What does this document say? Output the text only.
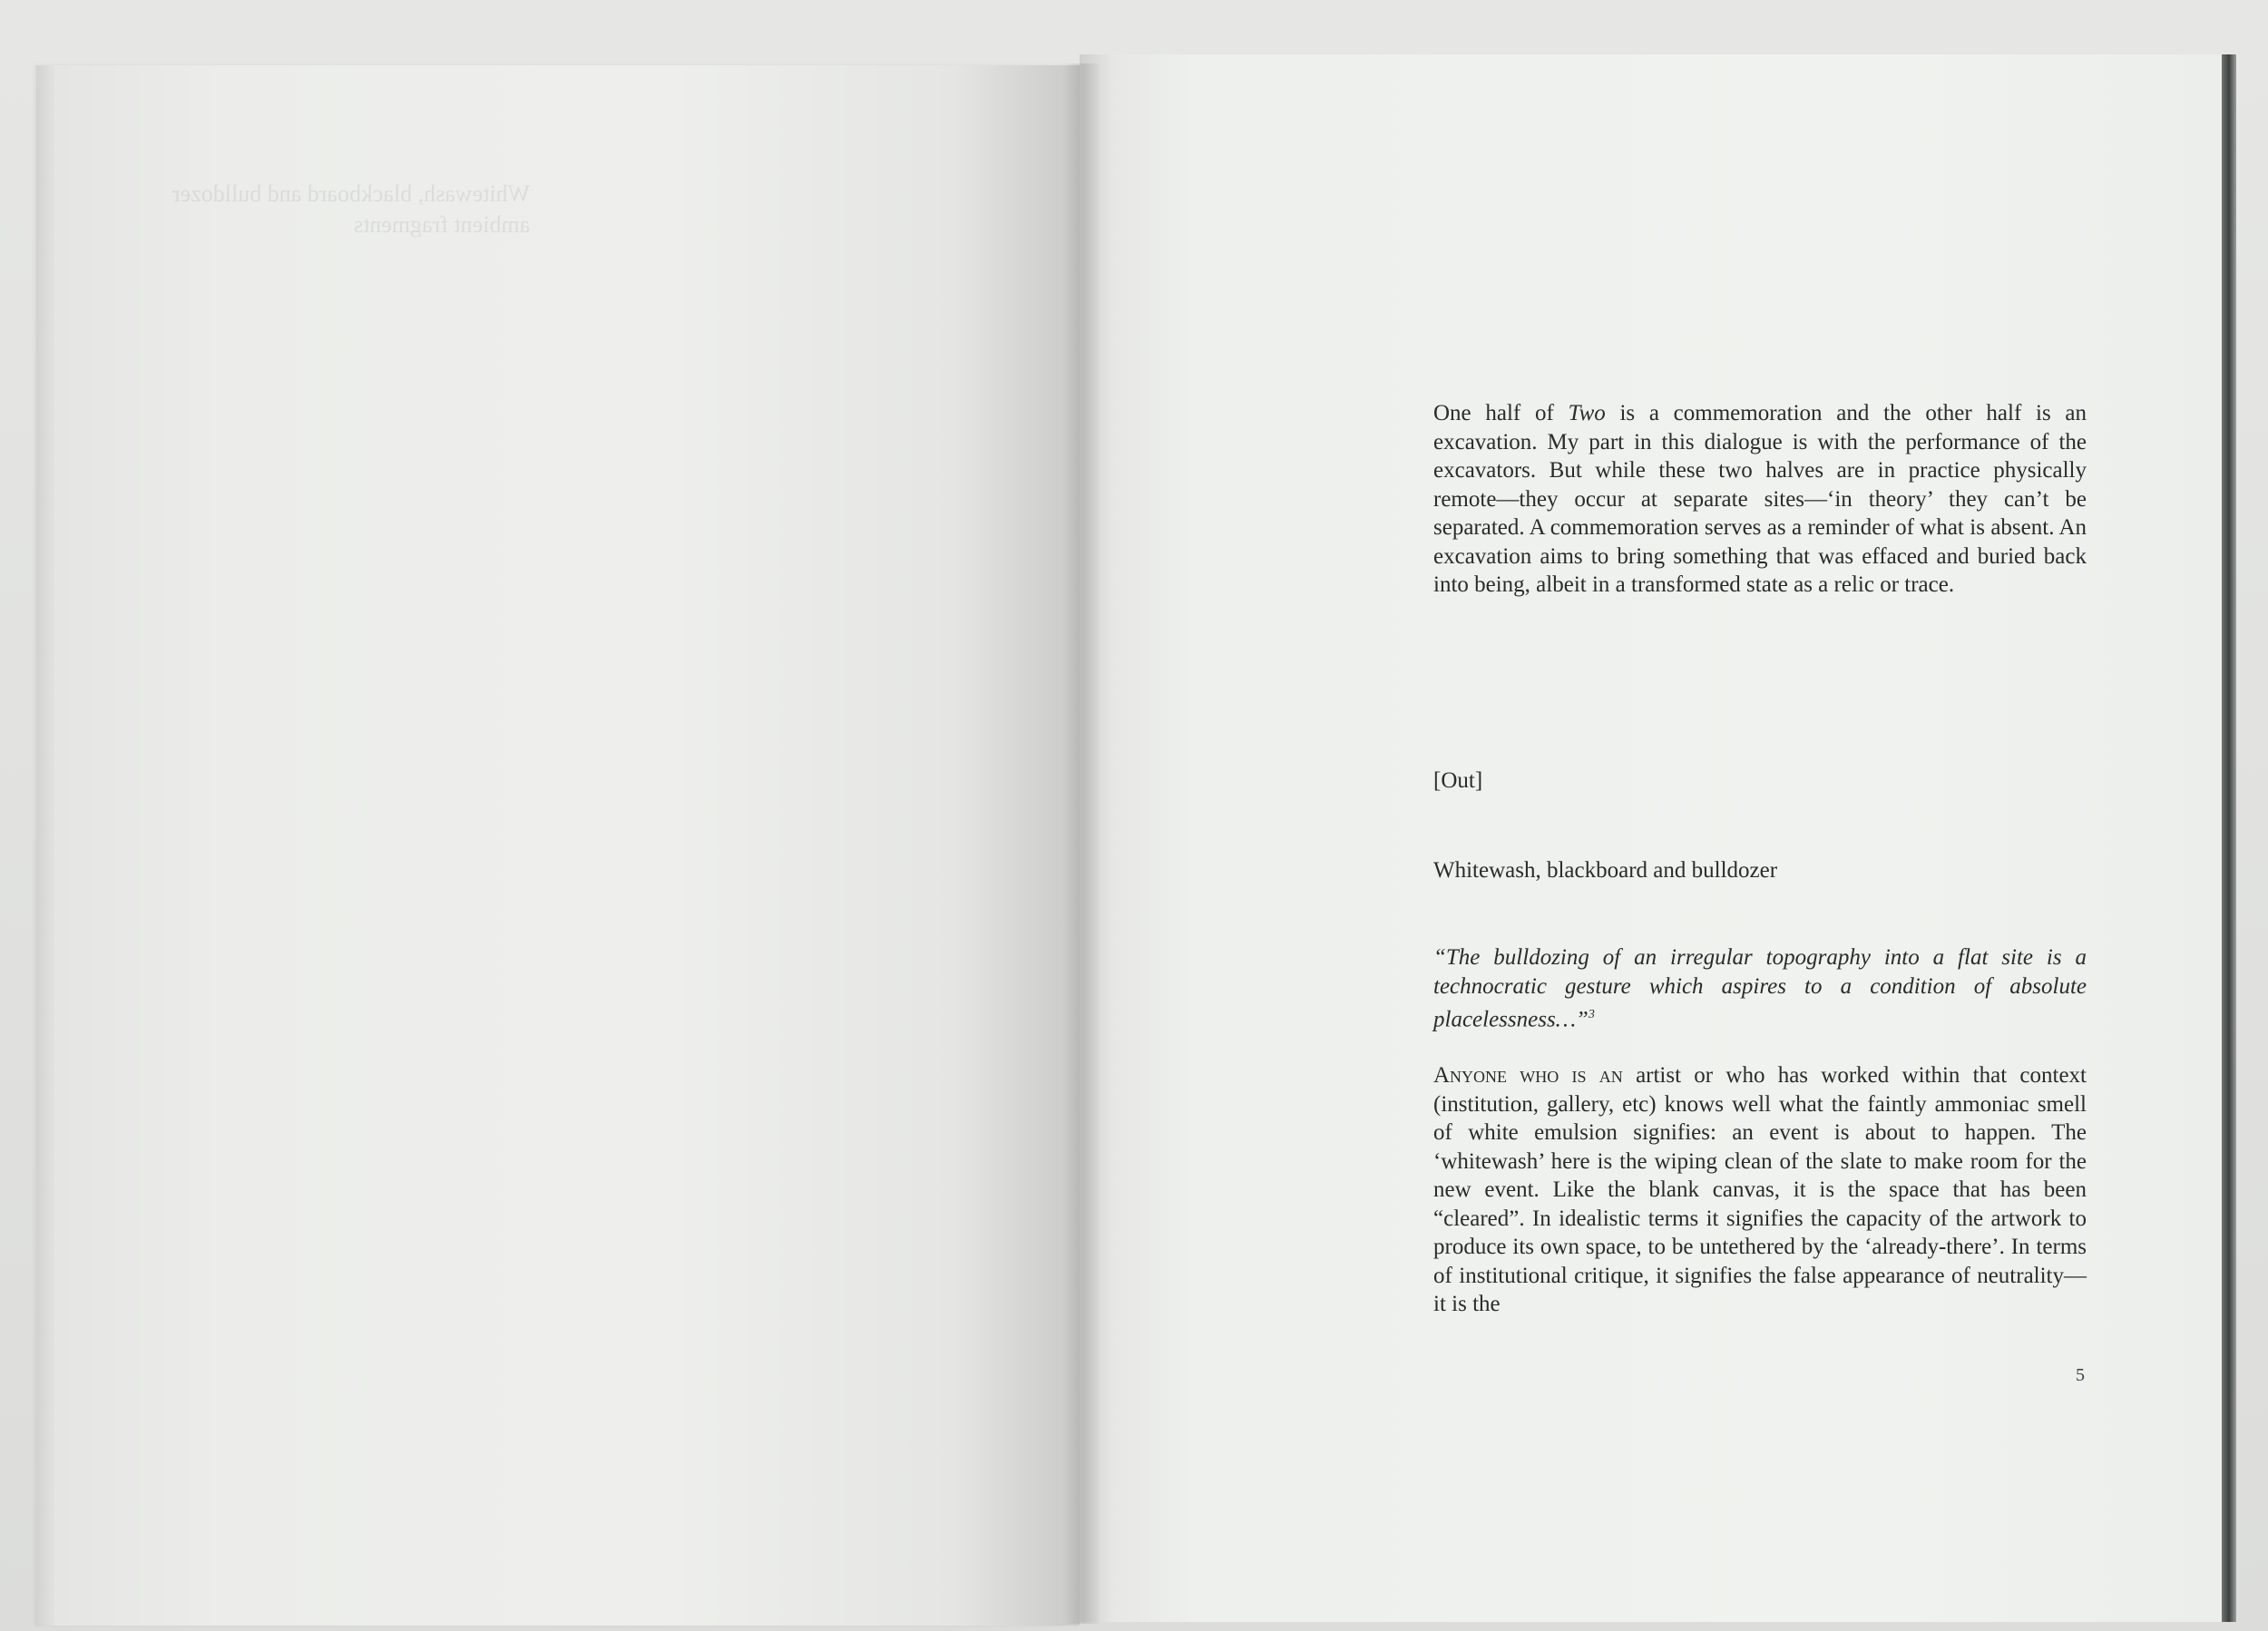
Whitewash, blackboard and bulldozer
ambient fragments

One half of Two is a commemoration and the other half is an excavation. My part in this dialogue is with the performance of the excavators. But while these two halves are in practice physically remote—they occur at separate sites—‘in theory’ they can’t be separated. A commemoration serves as a reminder of what is absent. An excavation aims to bring something that was effaced and buried back into being, albeit in a transformed state as a relic or trace.

[Out]

Whitewash, blackboard and bulldozer

“The bulldozing of an irregular topography into a flat site is a technocratic gesture which aspires to a condition of absolute placelessness…”$^3$

Anyone who is an artist or who has worked within that context (institution, gallery, etc) knows well what the faintly ammoniac smell of white emulsion signifies: an event is about to happen. The ‘whitewash’ here is the wiping clean of the slate to make room for the new event. Like the blank canvas, it is the space that has been “cleared”. In idealistic terms it signifies the capacity of the artwork to produce its own space, to be untethered by the ‘already-there’. In terms of institutional critique, it signifies the false appearance of neutrality—it is the

5
